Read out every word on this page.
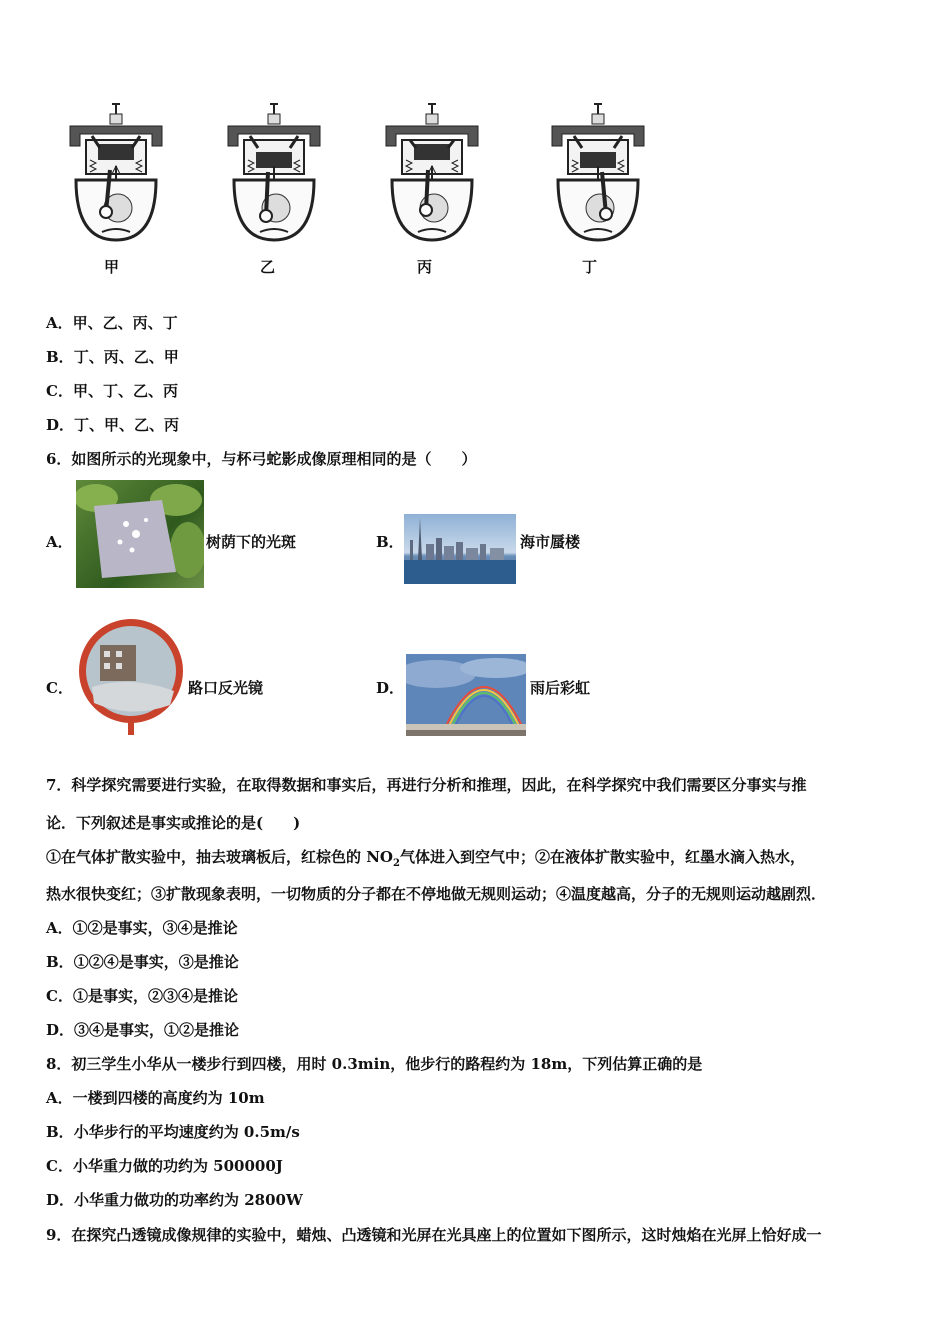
甲	乙	丙	丁
A．甲、乙、丙、丁
B．丁、丙、乙、甲
C．甲、丁、乙、丙
D．丁、甲、乙、丙
6．如图所示的光现象中，与杯弓蛇影成像原理相同的是（　　）
A．	树荫下的光斑	B．	海市蜃楼
C．	路口反光镜	D．	雨后彩虹
7．科学探究需要进行实验，在取得数据和事实后，再进行分析和推理，因此，在科学探究中我们需要区分事实与推
论．下列叙述是事实或推论的是(　　)
①在气体扩散实验中，抽去玻璃板后，红棕色的 $NO_2$气体进入到空气中；②在液体扩散实验中，红墨水滴入热水，
热水很快变红；③扩散现象表明，一切物质的分子都在不停地做无规则运动；④温度越高，分子的无规则运动越剧烈．
A．①②是事实，③④是推论
B．①②④是事实，③是推论
C．①是事实，②③④是推论
D．③④是事实，①②是推论
8．初三学生小华从一楼步行到四楼，用时 0.3min，他步行的路程约为 18m，下列估算正确的是
A．一楼到四楼的高度约为 10m
B．小华步行的平均速度约为 0.5m/s
C．小华重力做的功约为 500000J
D．小华重力做功的功率约为 2800W
9．在探究凸透镜成像规律的实验中，蜡烛、凸透镜和光屏在光具座上的位置如下图所示，这时烛焰在光屏上恰好成一
